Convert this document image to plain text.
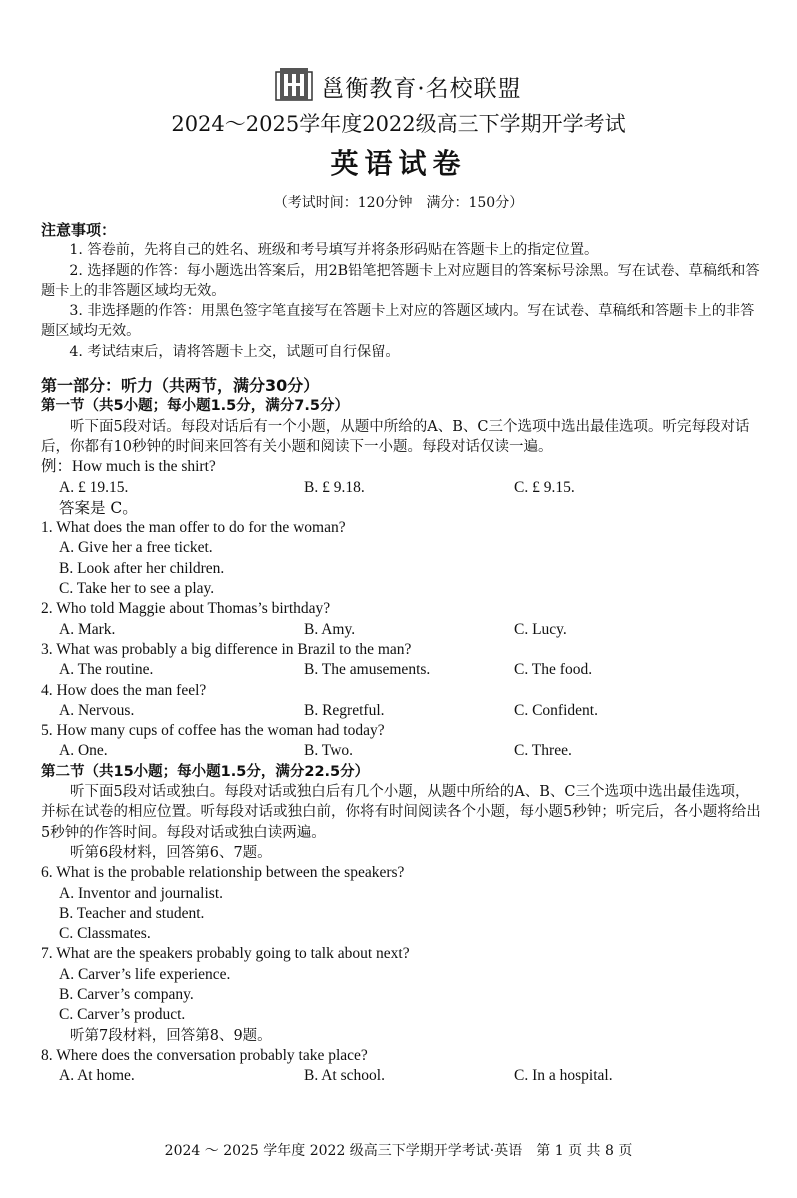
邕衡教育·名校联盟
2024～2025学年度2022级高三下学期开学考试
英语试卷
（考试时间：120分钟　满分：150分）
注意事项：
1. 答卷前，先将自己的姓名、班级和考号填写并将条形码贴在答题卡上的指定位置。
2. 选择题的作答：每小题选出答案后，用2B铅笔把答题卡上对应题目的答案标号涂黑。写在试卷、草稿纸和答题卡上的非答题区域均无效。
3. 非选择题的作答：用黑色签字笔直接写在答题卡上对应的答题区域内。写在试卷、草稿纸和答题卡上的非答题区域均无效。
4. 考试结束后，请将答题卡上交，试题可自行保留。
第一部分：听力（共两节，满分30分）
第一节（共5小题；每小题1.5分，满分7.5分）
听下面5段对话。每段对话后有一个小题，从题中所给的A、B、C三个选项中选出最佳选项。听完每段对话后，你都有10秒钟的时间来回答有关小题和阅读下一小题。每段对话仅读一遍。
例：How much is the shirt?
A. £ 19.15.	B. £ 9.18.	C. £ 9.15.
答案是 C。
1. What does the man offer to do for the woman?
A. Give her a free ticket.
B. Look after her children.
C. Take her to see a play.
2. Who told Maggie about Thomas’s birthday?
A. Mark.	B. Amy.	C. Lucy.
3. What was probably a big difference in Brazil to the man?
A. The routine.	B. The amusements.	C. The food.
4. How does the man feel?
A. Nervous.	B. Regretful.	C. Confident.
5. How many cups of coffee has the woman had today?
A. One.	B. Two.	C. Three.
第二节（共15小题；每小题1.5分，满分22.5分）
听下面5段对话或独白。每段对话或独白后有几个小题，从题中所给的A、B、C三个选项中选出最佳选项，并标在试卷的相应位置。听每段对话或独白前，你将有时间阅读各个小题，每小题5秒钟；听完后，各小题将给出5秒钟的作答时间。每段对话或独白读两遍。
听第6段材料，回答第6、7题。
6. What is the probable relationship between the speakers?
A. Inventor and journalist.
B. Teacher and student.
C. Classmates.
7. What are the speakers probably going to talk about next?
A. Carver’s life experience.
B. Carver’s company.
C. Carver’s product.
听第7段材料，回答第8、9题。
8. Where does the conversation probably take place?
A. At home.	B. At school.	C. In a hospital.
2024 ～ 2025 学年度 2022 级高三下学期开学考试·英语　第 1 页 共 8 页
